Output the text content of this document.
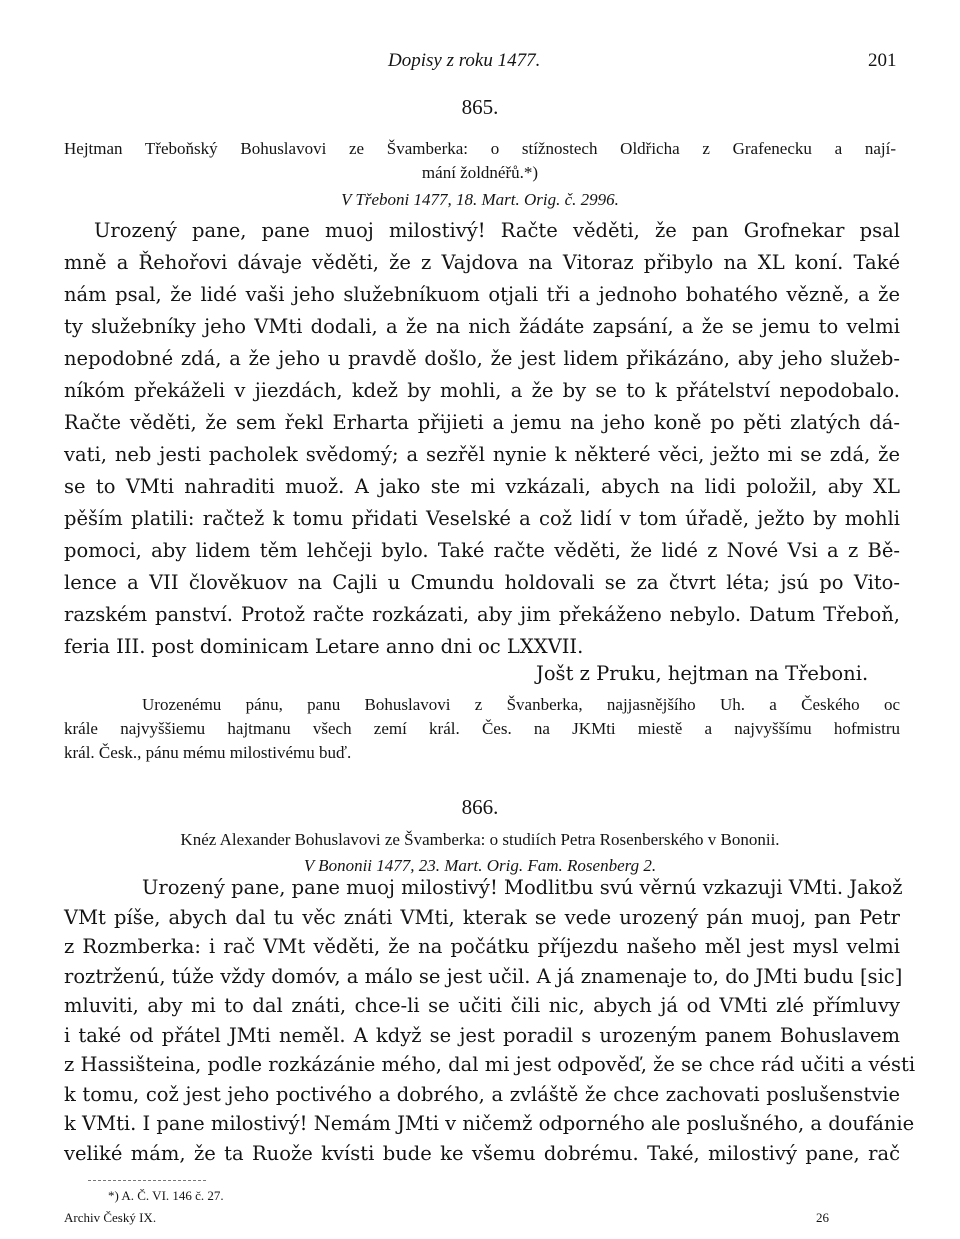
Dopisy z roku 1477.	201
865.
Hejtman Třeboňský Bohuslavovi ze Švamberka: o stížnostech Oldřicha z Grafenecku a nají-
mání žoldnéřů.*)
V Třeboni 1477, 18. Mart. Orig. č. 2996.
Urozený pane, pane muoj milostivý! Račte věděti, že pan Grofnekar psal
mně a Řehořovi dávaje věděti, že z Vajdova na Vitoraz přibylo na XL koní. Také
nám psal, že lidé vaši jeho služebníkuom otjali tři a jednoho bohatého vězně, a že
ty služebníky jeho VMti dodali, a že na nich žádáte zapsání, a že se jemu to velmi
nepodobné zdá, a že jeho u pravdě došlo, že jest lidem přikázáno, aby jeho služeb-
níkóm překáželi v jiezdách, kdež by mohli, a že by se to k přátelství nepodobalo.
Račte věděti, že sem řekl Erharta přijieti a jemu na jeho koně po pěti zlatých dá-
vati, neb jesti pacholek svědomý; a sezřěl nynie k některé věci, ježto mi se zdá, že
se to VMti nahraditi muož. A jako ste mi vzkázali, abych na lidi položil, aby XL
pěším platili: račtež k tomu přidati Veselské a což lidí v tom úřadě, ježto by mohli
pomoci, aby lidem těm lehčeji bylo. Také račte věděti, že lidé z Nové Vsi a z Bě-
lence a VII člověkuov na Cajli u Cmundu holdovali se za čtvrt léta; jsú po Vito-
razském panství. Protož račte rozkázati, aby jim překáženo nebylo. Datum Třeboň,
feria III. post dominicam Letare anno dni oc LXXVII.
Jošt z Pruku, hejtman na Třeboni.
Urozenému pánu, panu Bohuslavovi z Švanberka, najjasnějšího Uh. a Českého oc
krále najvyššiemu hajtmanu všech zemí král. Čes. na JKMti miestě a najvyššímu hofmistru
král. Česk., pánu mému milostivému buď.
866.
Knéz Alexander Bohuslavovi ze Švamberka: o studiích Petra Rosenberského v Bononii.
V Bononii 1477, 23. Mart. Orig. Fam. Rosenberg 2.
Urozený pane, pane muoj milostivý! Modlitbu svú věrnú vzkazuji VMti. Jakož
VMt píše, abych dal tu věc znáti VMti, kterak se vede urozený pán muoj, pan Petr
z Rozmberka: i rač VMt věděti, že na počátku příjezdu našeho měl jest mysl velmi
roztrženú, túže vždy domóv, a málo se jest učil. A já znamenaje to, do JMti budu [sic]
mluviti, aby mi to dal znáti, chce-li se učiti čili nic, abych já od VMti zlé přímluvy
i také od přátel JMti neměl. A když se jest poradil s urozeným panem Bohuslavem
z Hassišteina, podle rozkázánie mého, dal mi jest odpověď, že se chce rád učiti a vésti
k tomu, což jest jeho poctivého a dobrého, a zvláště že chce zachovati poslušenstvie
k VMti. I pane milostivý! Nemám JMti v ničemž odporného ale poslušného, a doufánie
veliké mám, že ta Ruože kvísti bude ke všemu dobrému. Také, milostivý pane, rač
*) A. Č. VI. 146 č. 27.
Archiv Český IX.	26
